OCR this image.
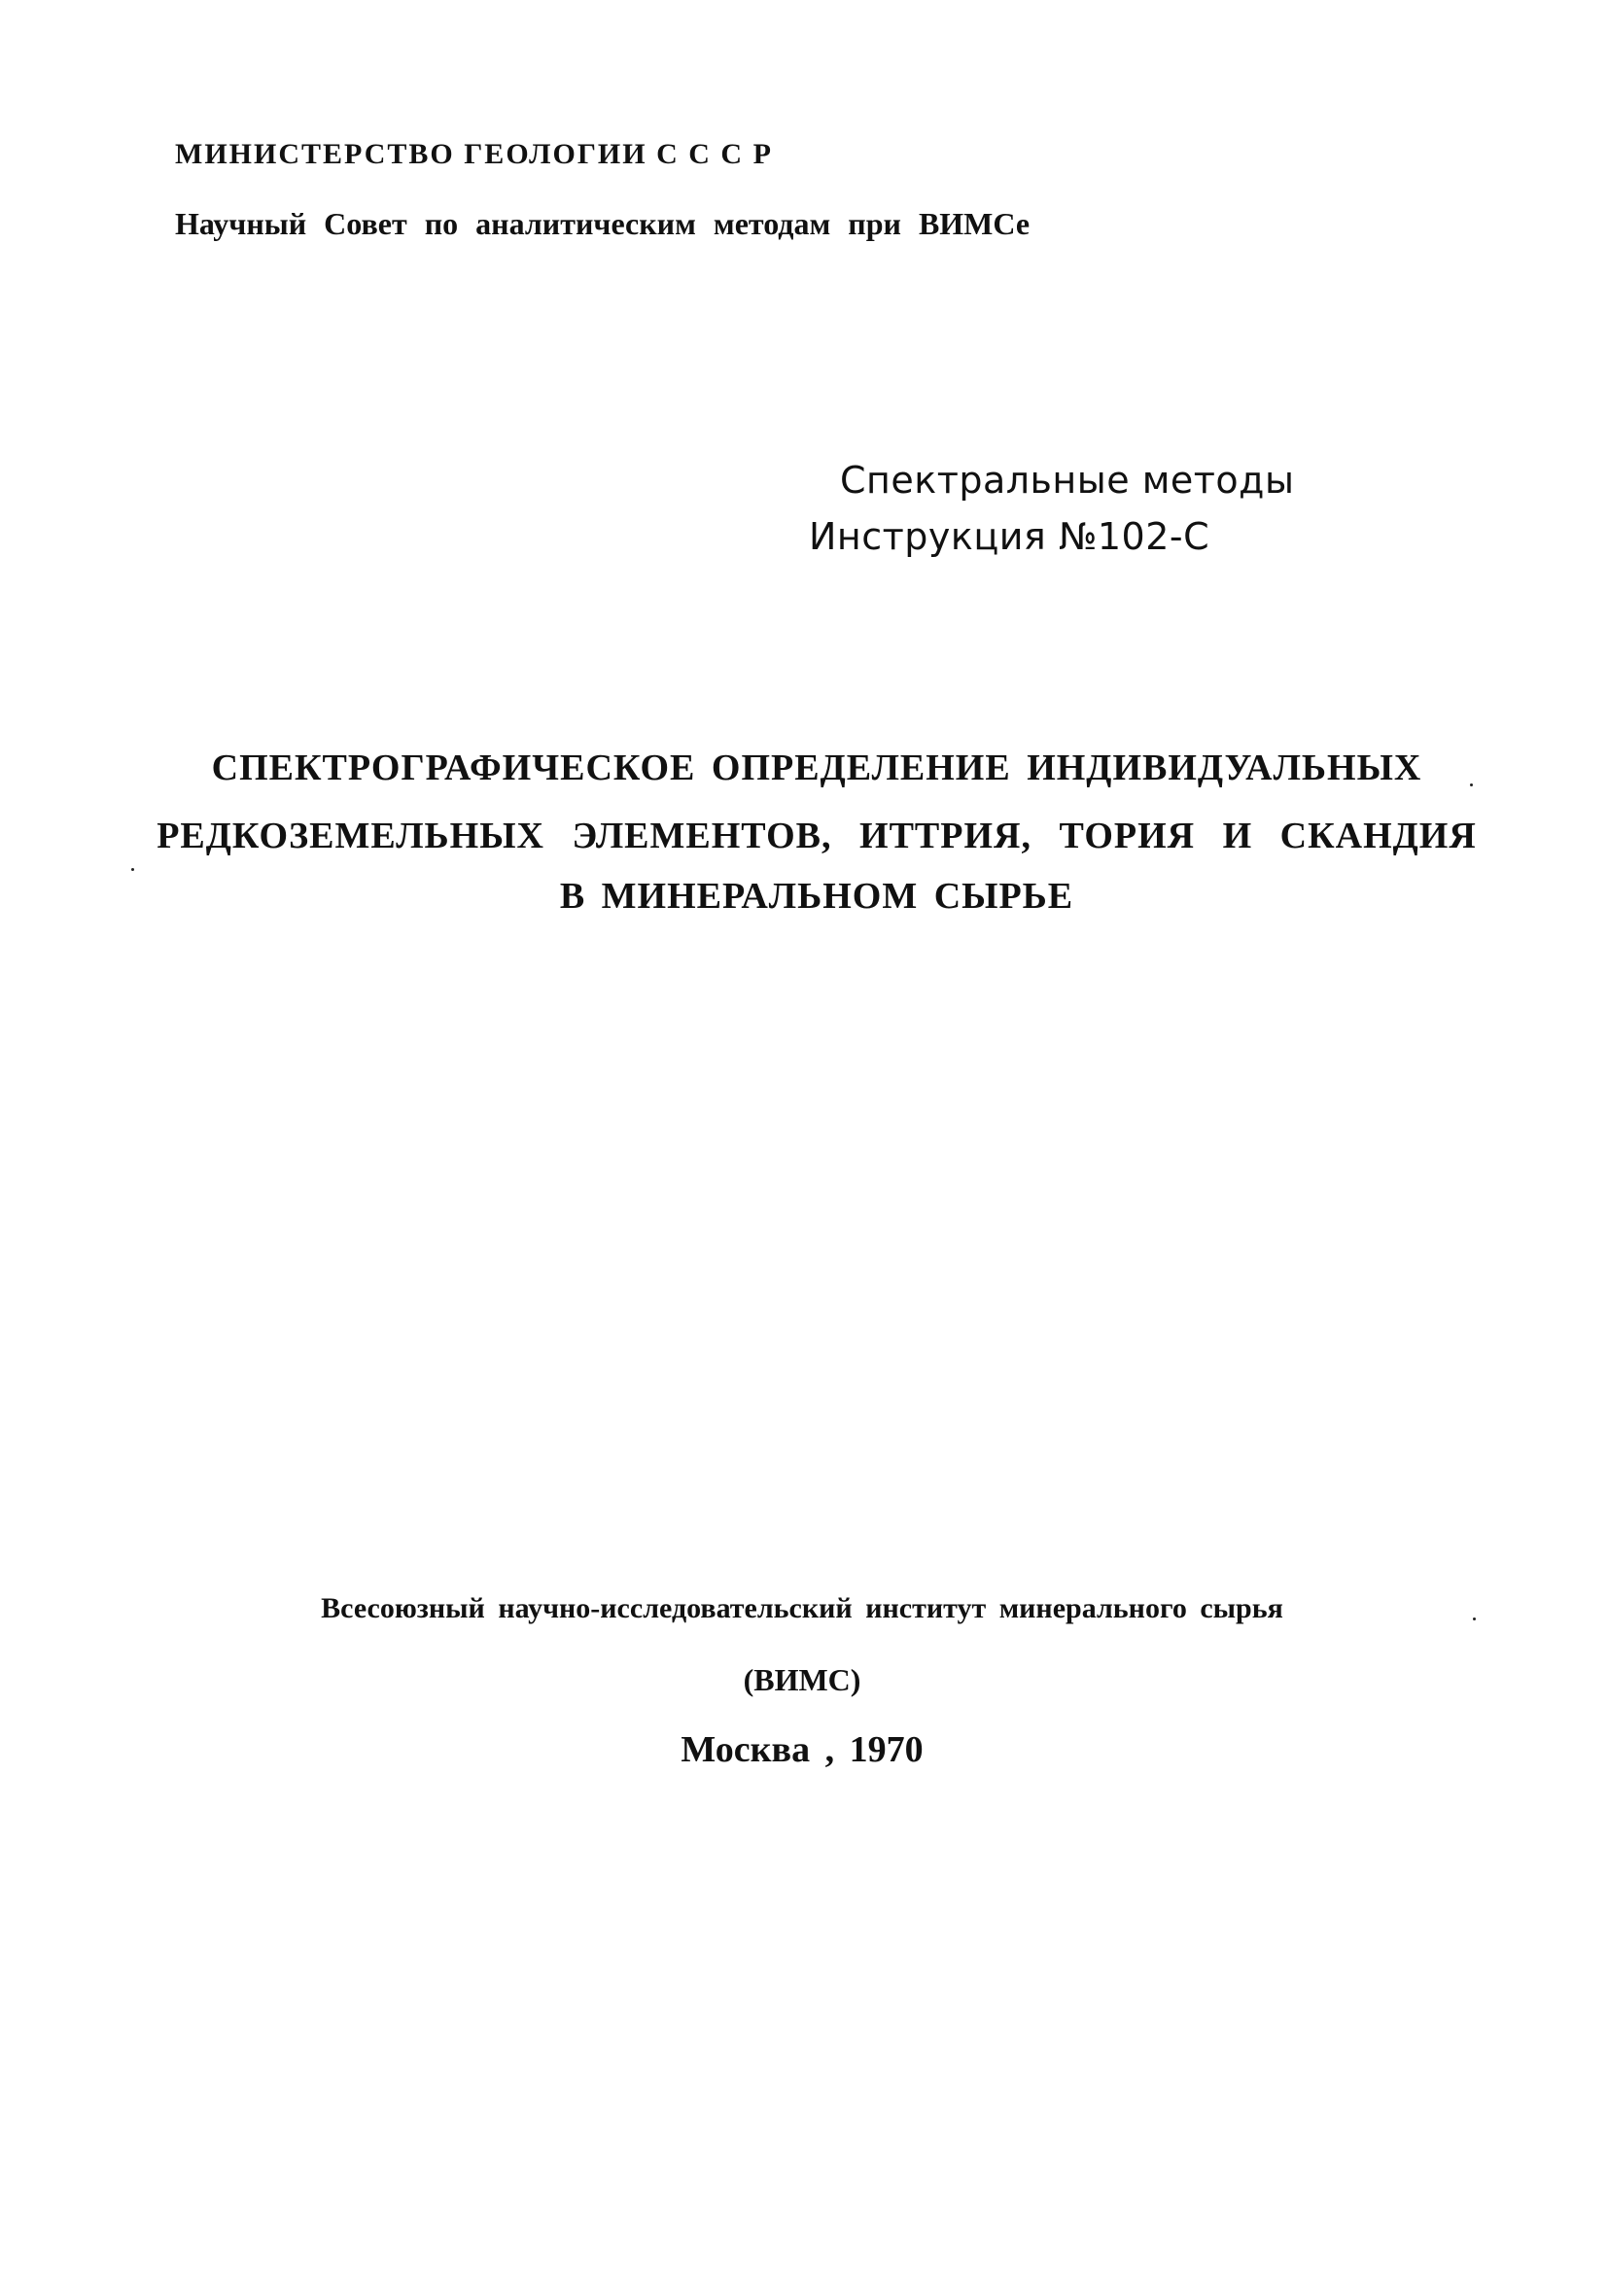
МИНИСТЕРСТВО ГЕОЛОГИИ С С С Р
Научный Совет по аналитическим методам при ВИМСе
Спектральные методы
Инструкция №102-С
СПЕКТРОГРАФИЧЕСКОЕ ОПРЕДЕЛЕНИЕ ИНДИВИДУАЛЬНЫХ
РЕДКОЗЕМЕЛЬНЫХ ЭЛЕМЕНТОВ, ИТТРИЯ, ТОРИЯ И СКАНДИЯ
В МИНЕРАЛЬНОМ СЫРЬЕ
Всесоюзный научно-исследовательский институт минерального сырья
(ВИМС)
Москва , 1970
